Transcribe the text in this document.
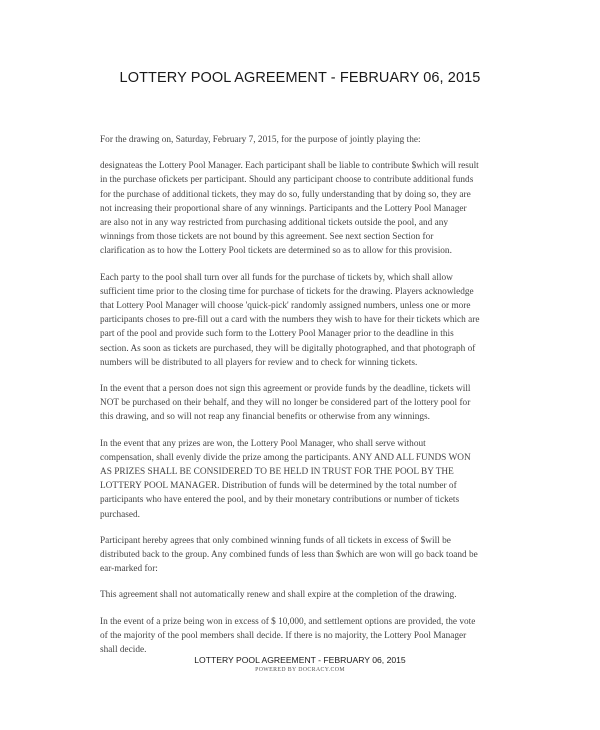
LOTTERY POOL AGREEMENT - FEBRUARY 06, 2015

For the drawing on, Saturday, February 7, 2015, for the purpose of jointly playing the:

designateas the Lottery Pool Manager. Each participant shall be liable to contribute $which will result in the purchase ofickets per participant. Should any participant choose to contribute additional funds for the purchase of additional tickets, they may do so, fully understanding that by doing so, they are not increasing their proportional share of any winnings. Participants and the Lottery Pool Manager are also not in any way restricted from purchasing additional tickets outside the pool, and any winnings from those tickets are not bound by this agreement. See next section Section for clarification as to how the Lottery Pool tickets are determined so as to allow for this provision.

Each party to the pool shall turn over all funds for the purchase of tickets by, which shall allow sufficient time prior to the closing time for purchase of tickets for the drawing. Players acknowledge that Lottery Pool Manager will choose 'quick-pick' randomly assigned numbers, unless one or more participants choses to pre-fill out a card with the numbers they wish to have for their tickets which are part of the pool and provide such form to the Lottery Pool Manager prior to the deadline in this section. As soon as tickets are purchased, they will be digitally photographed, and that photograph of numbers will be distributed to all players for review and to check for winning tickets.

In the event that a person does not sign this agreement or provide funds by the deadline, tickets will NOT be purchased on their behalf, and they will no longer be considered part of the lottery pool for this drawing, and so will not reap any financial benefits or otherwise from any winnings.

In the event that any prizes are won, the Lottery Pool Manager, who shall serve without compensation, shall evenly divide the prize among the participants. ANY AND ALL FUNDS WON AS PRIZES SHALL BE CONSIDERED TO BE HELD IN TRUST FOR THE POOL BY THE LOTTERY POOL MANAGER. Distribution of funds will be determined by the total number of participants who have entered the pool, and by their monetary contributions or number of tickets purchased.

Participant hereby agrees that only combined winning funds of all tickets in excess of $will be distributed back to the group. Any combined funds of less than $which are won will go back toand be ear-marked for:

This agreement shall not automatically renew and shall expire at the completion of the drawing.

In the event of a prize being won in excess of $ 10,000, and settlement options are provided, the vote of the majority of the pool members shall decide. If there is no majority, the Lottery Pool Manager shall decide.

LOTTERY POOL AGREEMENT - FEBRUARY 06, 2015
POWERED BY DOCRACY.COM
